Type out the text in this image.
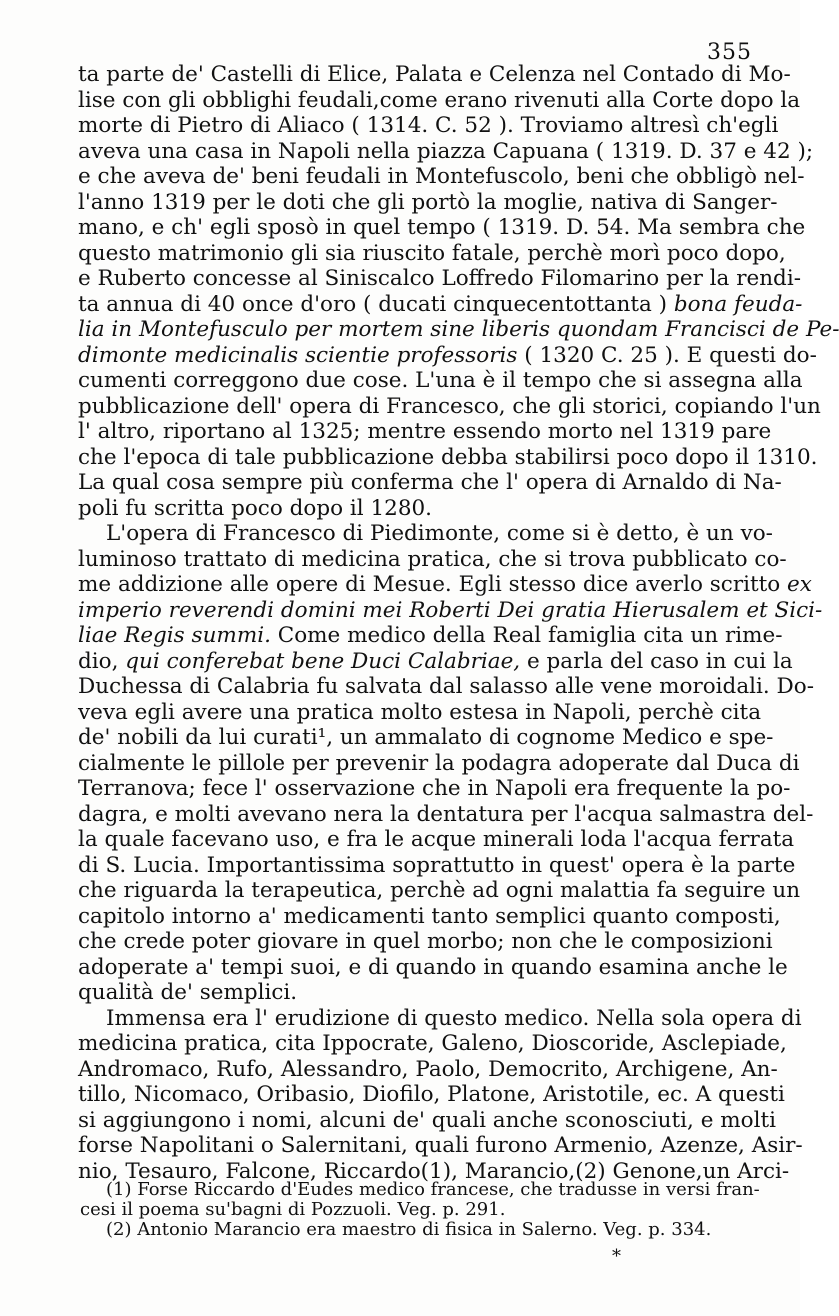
355
ta parte de' Castelli di Elice, Palata e Celenza nel Contado di Mo-
lise con gli obblighi feudali,come erano rivenuti alla Corte dopo la
morte di Pietro di Aliaco ( 1314. C. 52 ). Troviamo altresì ch'egli
aveva una casa in Napoli nella piazza Capuana ( 1319. D. 37 e 42 );
e che aveva de' beni feudali in Montefuscolo, beni che obbligò nel-
l'anno 1319 per le doti che gli portò la moglie, nativa di Sanger-
mano, e ch' egli sposò in quel tempo ( 1319. D. 54. Ma sembra che
questo matrimonio gli sia riuscito fatale, perchè morì poco dopo,
e Ruberto concesse al Siniscalco Loffredo Filomarino per la rendi-
ta annua di 40 once d'oro ( ducati cinquecentottanta ) bona feuda-
lia in Montefusculo per mortem sine liberis quondam Francisci de Pe-
dimonte medicinalis scientie professoris ( 1320 C. 25 ). E questi do-
cumenti correggono due cose. L'una è il tempo che si assegna alla
pubblicazione dell' opera di Francesco, che gli storici, copiando l'un
l' altro, riportano al 1325; mentre essendo morto nel 1319 pare
che l'epoca di tale pubblicazione debba stabilirsi poco dopo il 1310.
La qual cosa sempre più conferma che l' opera di Arnaldo di Na-
poli fu scritta poco dopo il 1280.
L'opera di Francesco di Piedimonte, come si è detto, è un vo-
luminoso trattato di medicina pratica, che si trova pubblicato co-
me addizione alle opere di Mesue. Egli stesso dice averlo scritto ex
imperio reverendi domini mei Roberti Dei gratia Hierusalem et Sici-
liae Regis summi. Come medico della Real famiglia cita un rime-
dio, qui conferebat bene Duci Calabriae, e parla del caso in cui la
Duchessa di Calabria fu salvata dal salasso alle vene moroidali. Do-
veva egli avere una pratica molto estesa in Napoli, perchè cita
de' nobili da lui curati¹, un ammalato di cognome Medico e spe-
cialmente le pillole per prevenir la podagra adoperate dal Duca di
Terranova; fece l' osservazione che in Napoli era frequente la po-
dagra, e molti avevano nera la dentatura per l'acqua salmastra del-
la quale facevano uso, e fra le acque minerali loda l'acqua ferrata
di S. Lucia. Importantissima soprattutto in quest' opera è la parte
che riguarda la terapeutica, perchè ad ogni malattia fa seguire un
capitolo intorno a' medicamenti tanto semplici quanto composti,
che crede poter giovare in quel morbo; non che le composizioni
adoperate a' tempi suoi, e di quando in quando esamina anche le
qualità de' semplici.
Immensa era l' erudizione di questo medico. Nella sola opera di
medicina pratica, cita Ippocrate, Galeno, Dioscoride, Asclepiade,
Andromaco, Rufo, Alessandro, Paolo, Democrito, Archigene, An-
tillo, Nicomaco, Oribasio, Diofilo, Platone, Aristotile, ec. A questi
si aggiungono i nomi, alcuni de' quali anche sconosciuti, e molti
forse Napolitani o Salernitani, quali furono Armenio, Azenze, Asir-
nio, Tesauro, Falcone, Riccardo(1), Marancio,(2) Genone,un Arci-
(1) Forse Riccardo d'Eudes medico francese, che tradusse in versi fran-
cesi il poema su'bagni di Pozzuoli. Veg. p. 291.
(2) Antonio Marancio era maestro di fisica in Salerno. Veg. p. 334.
*
